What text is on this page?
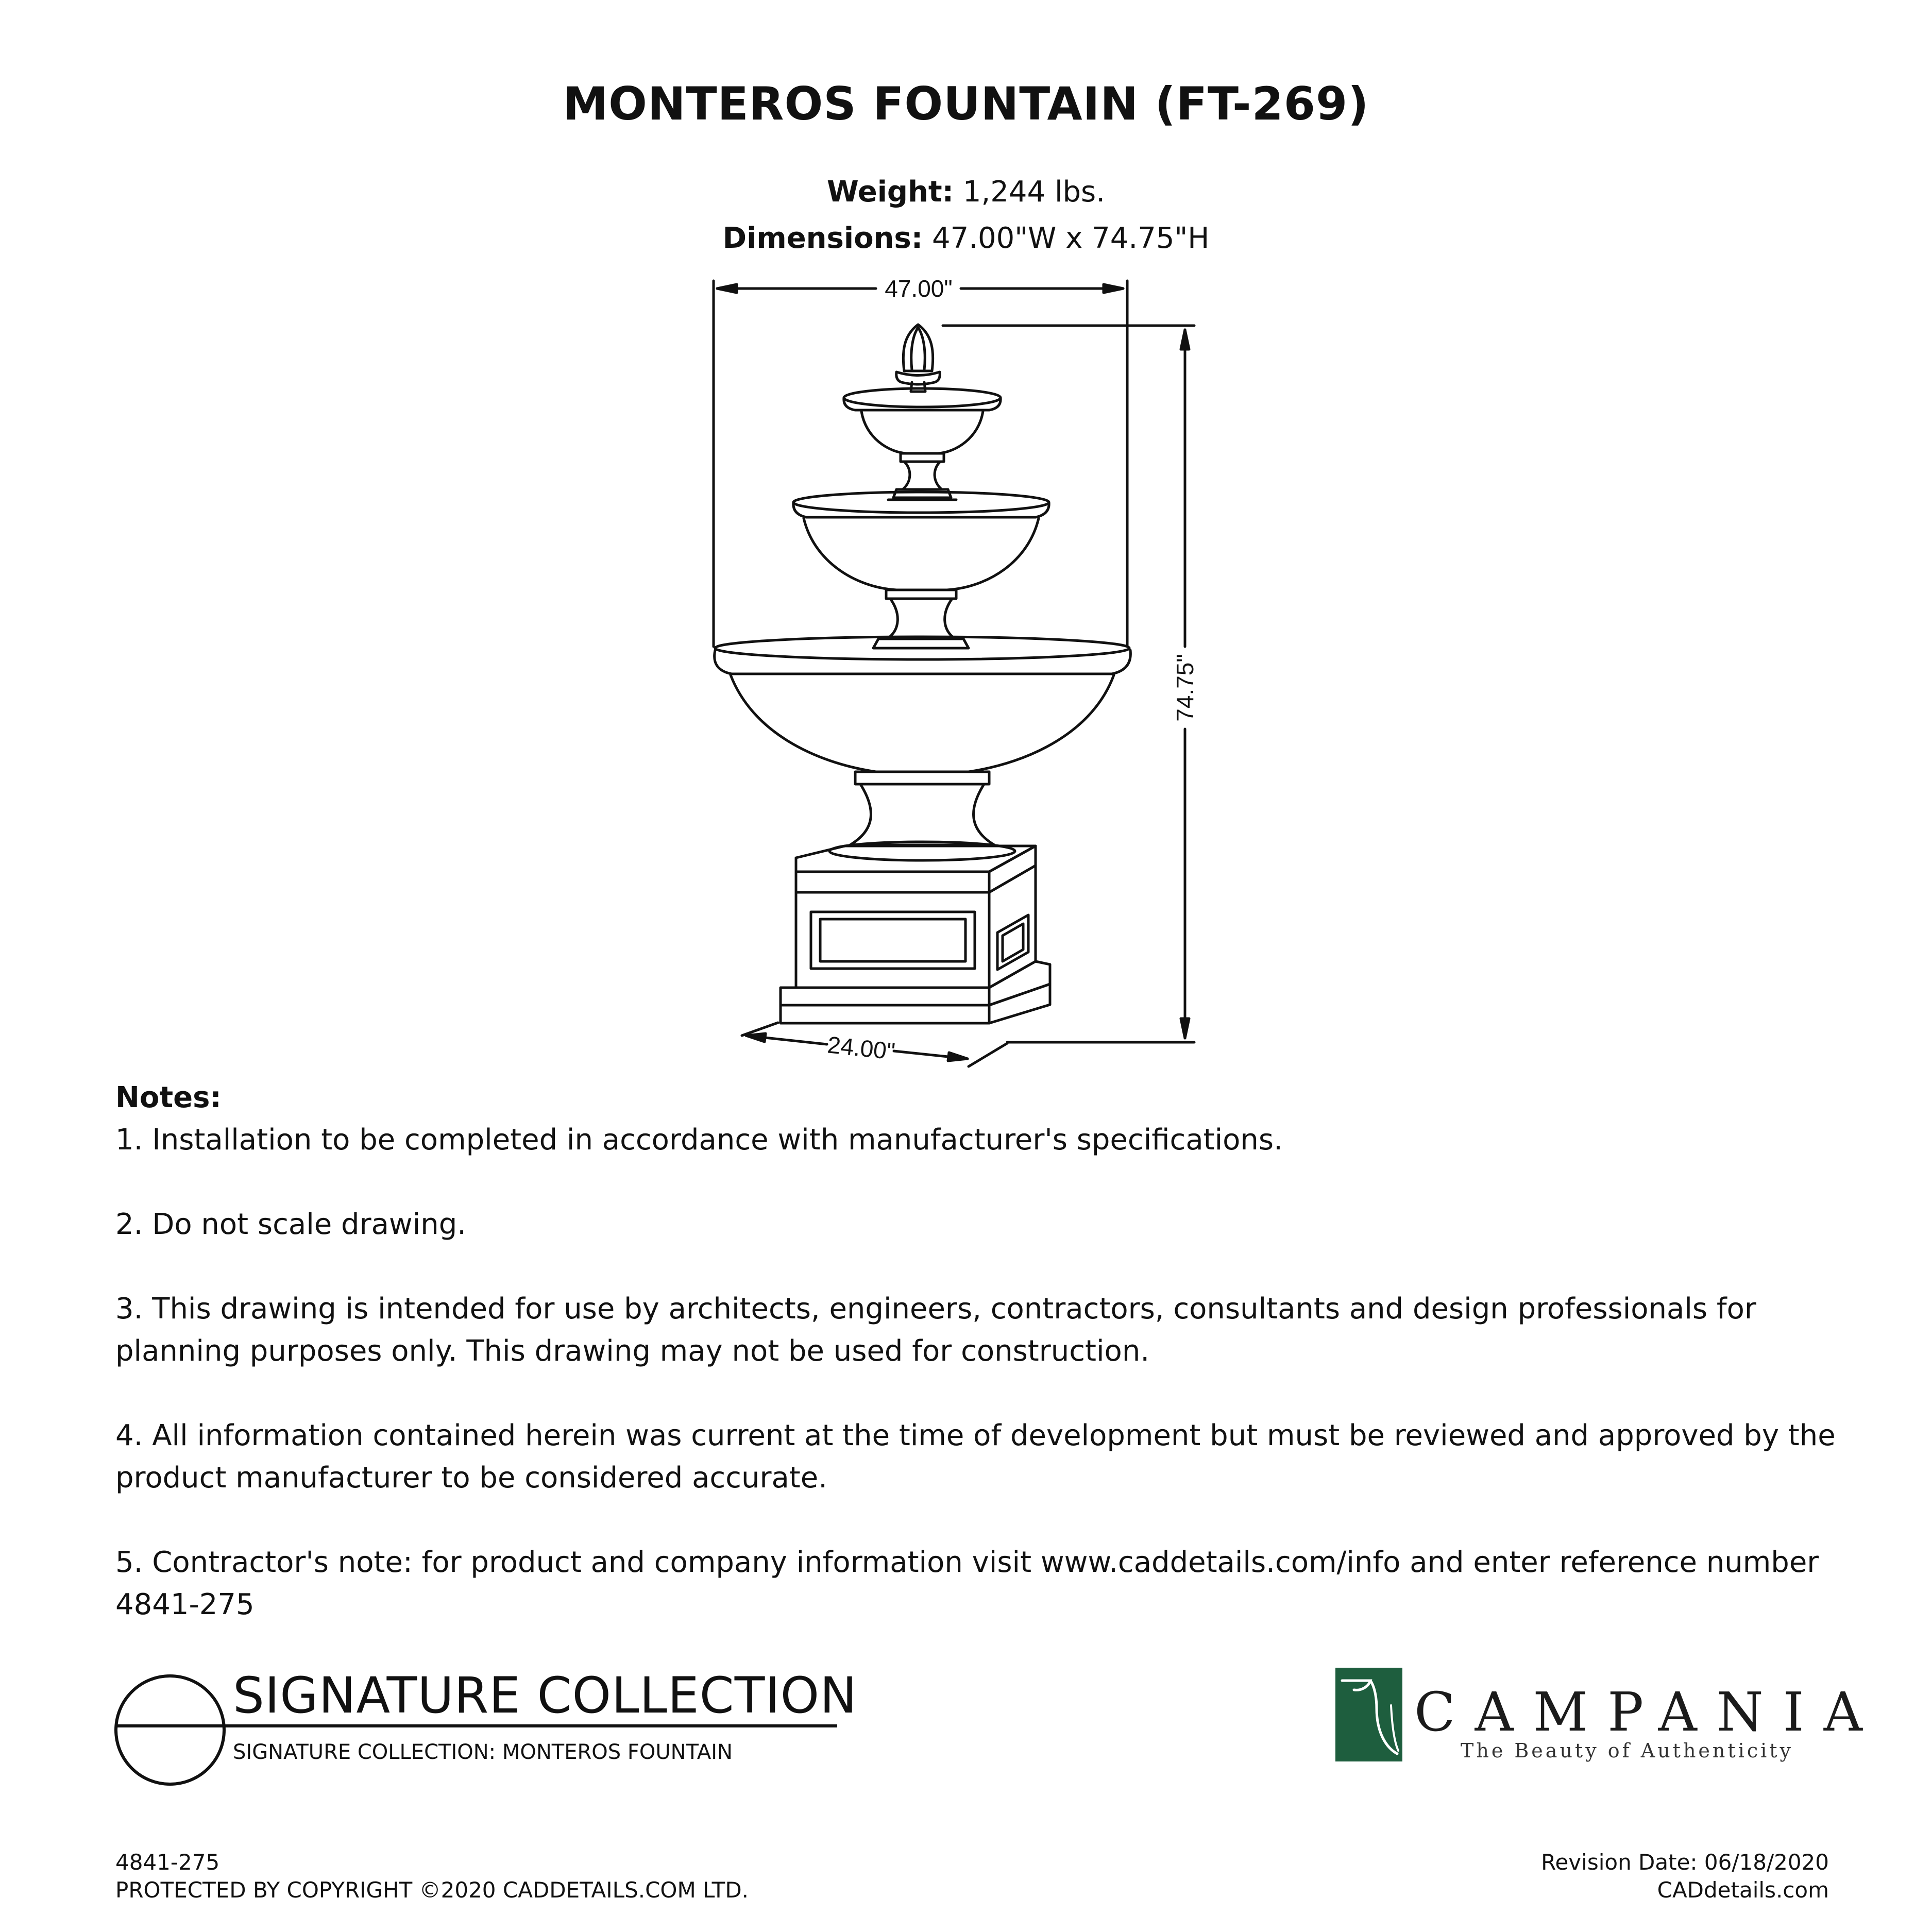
MONTEROS FOUNTAIN (FT-269)
Weight: 1,244 lbs.
Dimensions: 47.00"W x 74.75"H
47.00"
74.75"
24.00"
Notes:

1. Installation to be completed in accordance with manufacturer's specifications.

2. Do not scale drawing.

3. This drawing is intended for use by architects, engineers, contractors, consultants and design professionals for planning purposes only. This drawing may not be used for construction.

4. All information contained herein was current at the time of development but must be reviewed and approved by the product manufacturer to be considered accurate.

5. Contractor's note: for product and company information visit www.caddetails.com/info and enter reference number 4841-275

SIGNATURE COLLECTION
SIGNATURE COLLECTION: MONTEROS FOUNTAIN
CAMPANIA
The Beauty of Authenticity
4841-275
PROTECTED BY COPYRIGHT ©2020 CADDETAILS.COM LTD.
Revision Date: 06/18/2020
CADdetails.com
